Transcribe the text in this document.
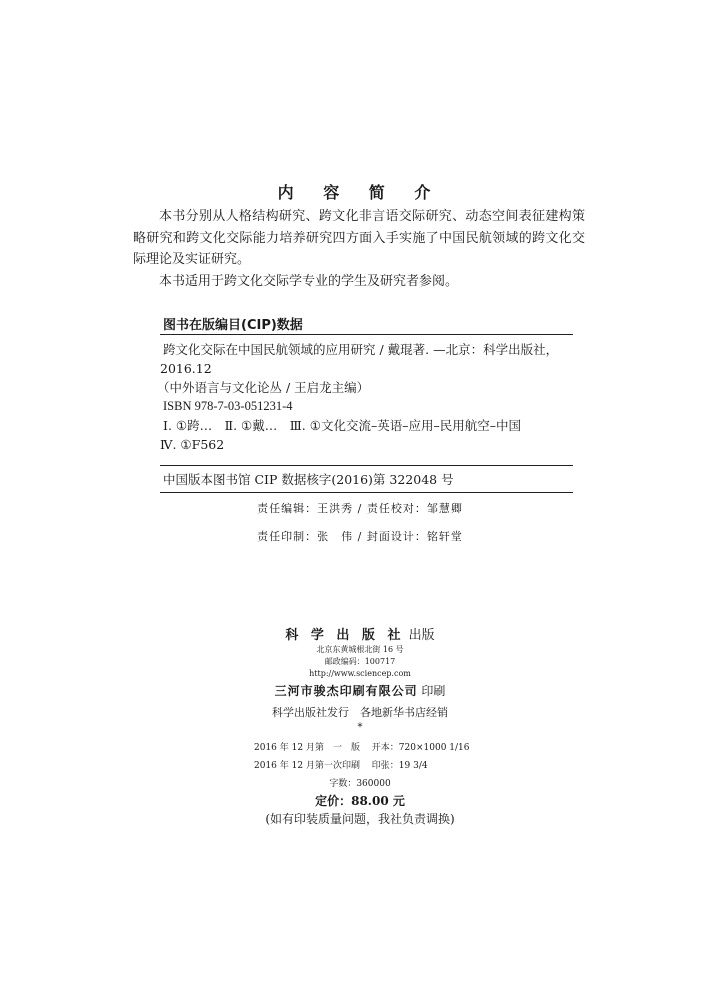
内 容 简 介

本书分别从人格结构研究、跨文化非言语交际研究、动态空间表征建构策略研究和跨文化交际能力培养研究四方面入手实施了中国民航领域的跨文化交际理论及实证研究。

本书适用于跨文化交际学专业的学生及研究者参阅。

图书在版编目(CIP)数据
跨文化交际在中国民航领域的应用研究 / 戴琨著. —北京：科学出版社，
2016.12
（中外语言与文化论丛 / 王启龙主编）
ISBN 978-7-03-051231-4
Ⅰ. ①跨…　Ⅱ. ①戴…　Ⅲ. ①文化交流–英语–应用–民用航空–中国
Ⅳ. ①F562
中国版本图书馆 CIP 数据核字(2016)第 322048 号
责任编辑：王洪秀 / 责任校对：邹慧卿
责任印制：张　伟 / 封面设计：铭轩堂
科 学 出 版 社 出版
北京东黄城根北街 16 号
邮政编码：100717
http://www.sciencep.com
三河市骏杰印刷有限公司 印刷
科学出版社发行　各地新华书店经销
*
2016 年 12 月第　一　版　 开本：720×1000 1/16
2016 年 12 月第一次印刷　 印张：19 3/4
字数：360000
定价：88.00 元
(如有印装质量问题，我社负责调换)
